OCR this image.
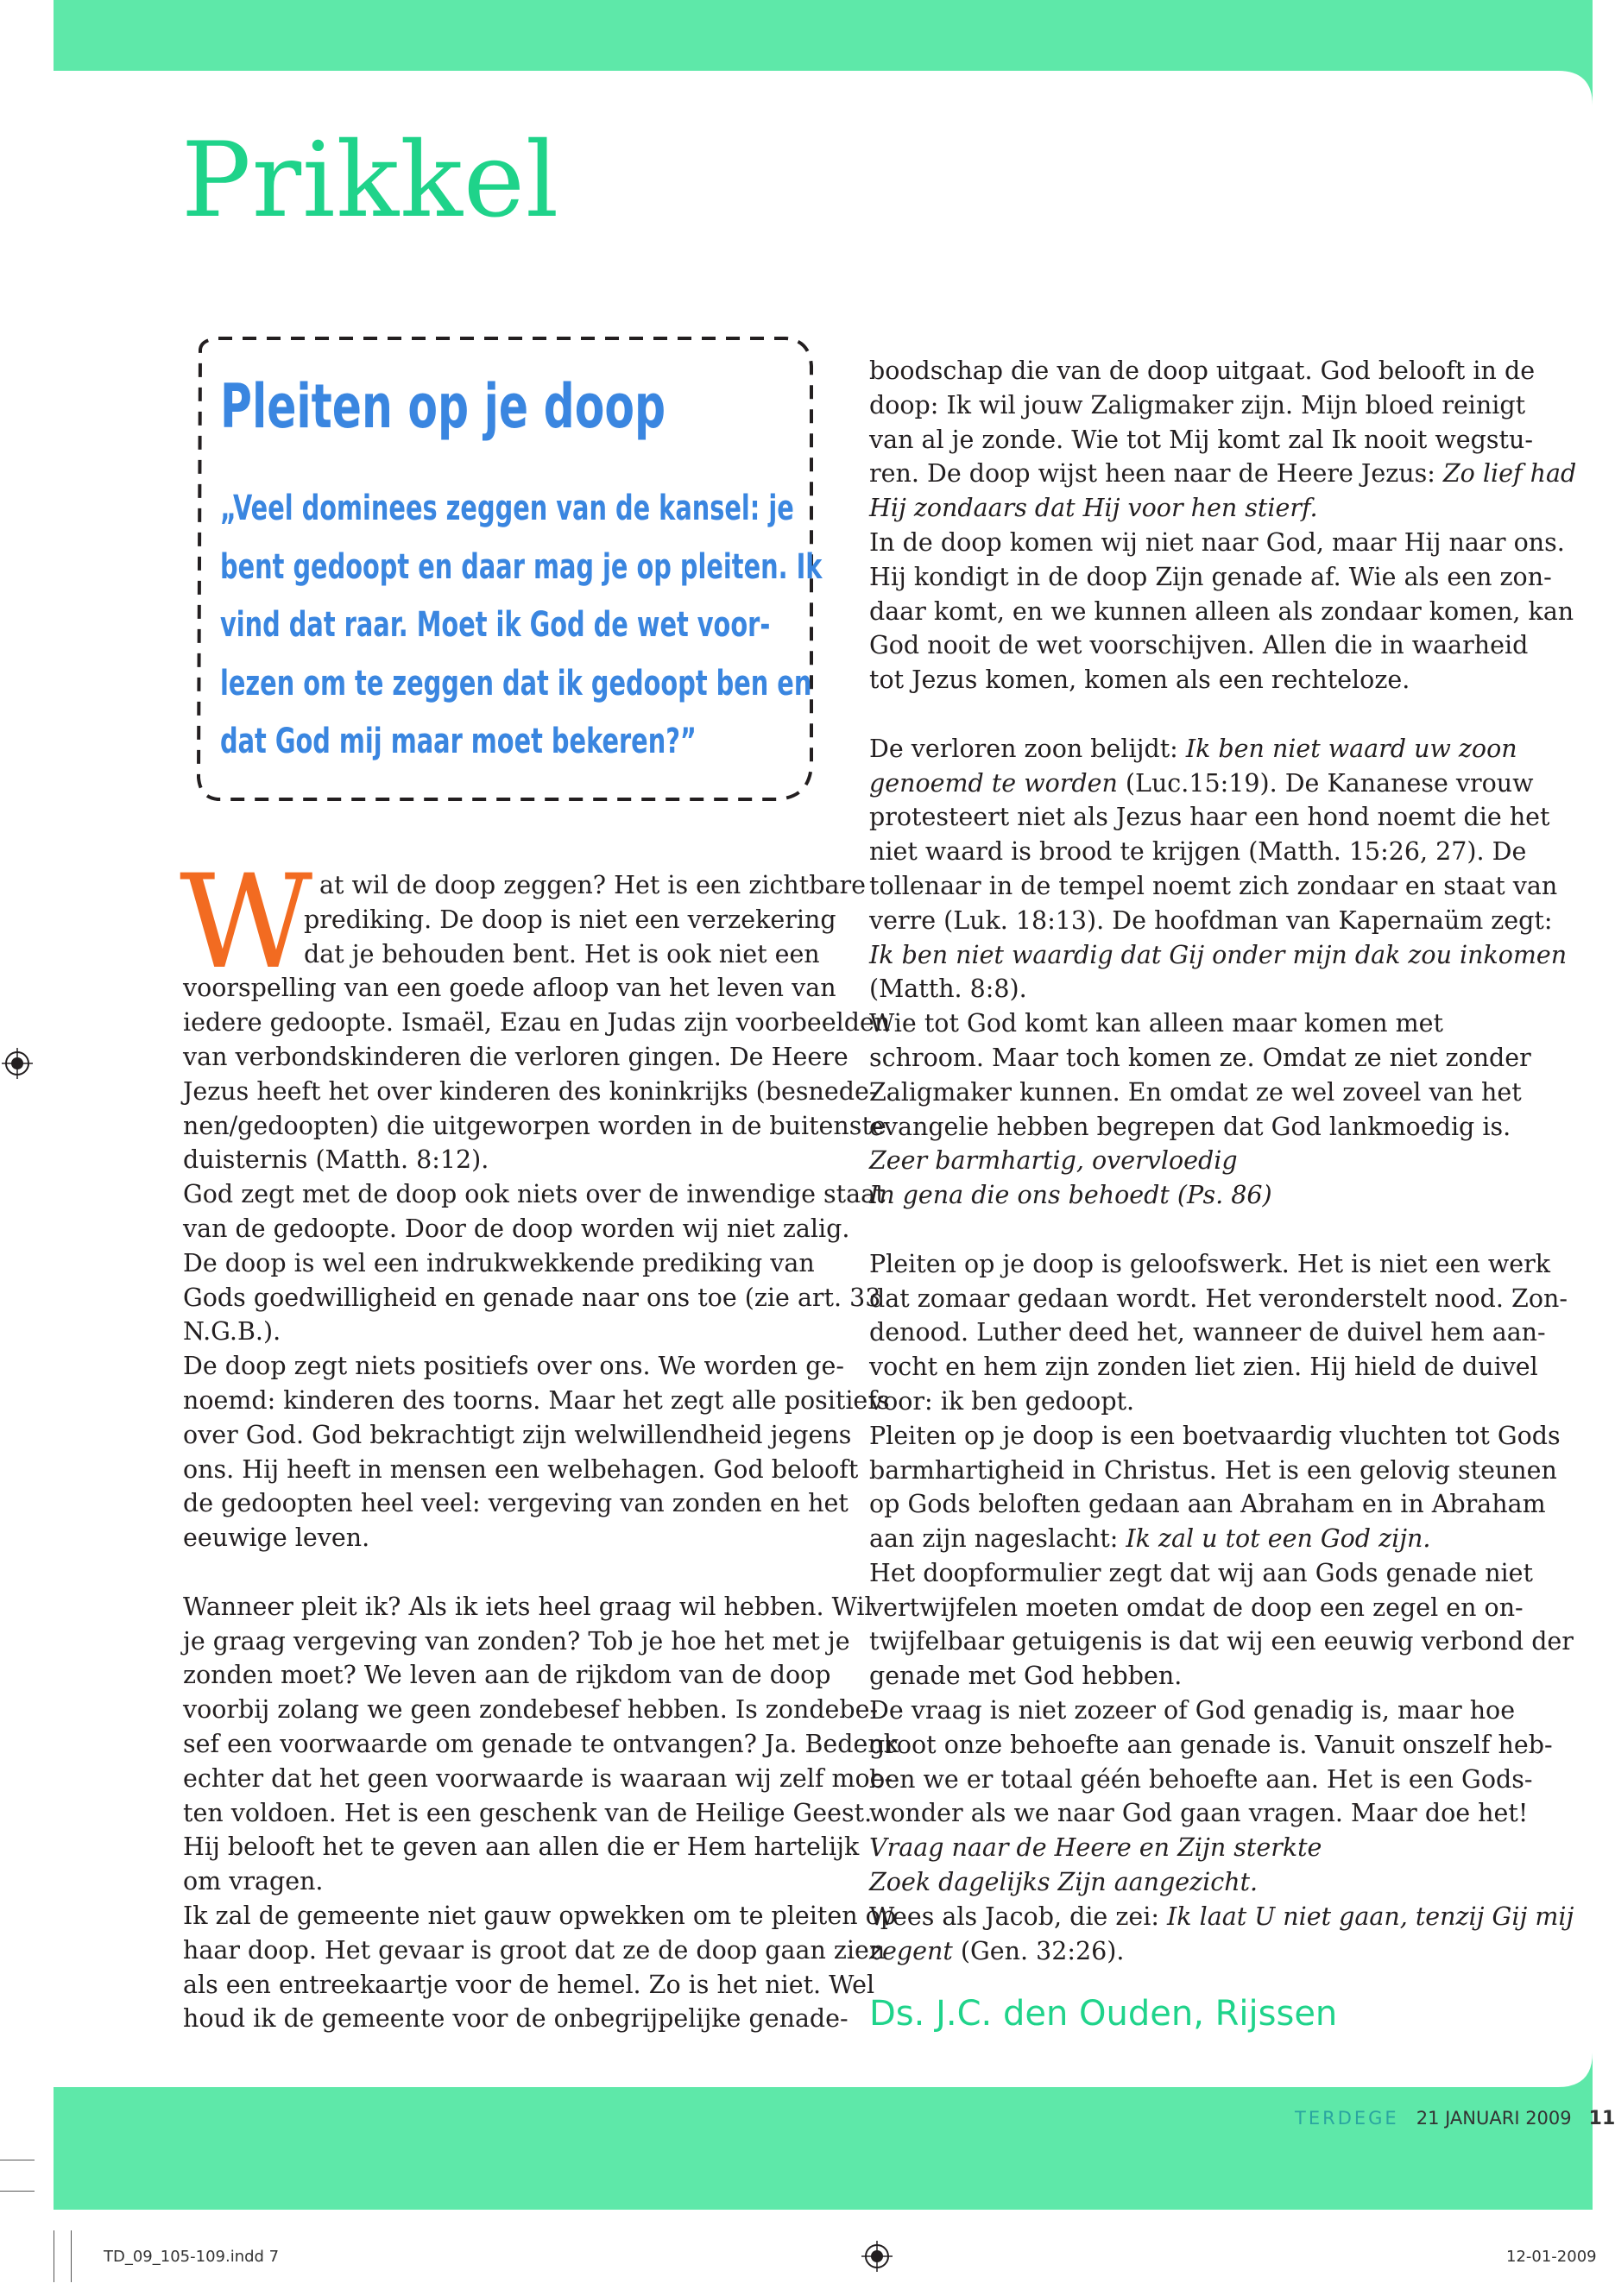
Prikkel
Pleiten op je doop

„Veel dominees zeggen van de kansel: je
bent gedoopt en daar mag je op pleiten. Ik
vind dat raar. Moet ik God de wet voor-
lezen om te zeggen dat ik gedoopt ben en
dat God mij maar moet bekeren?”

W at wil de doop zeggen? Het is een zichtbare
prediking. De doop is niet een verzekering
dat je behouden bent. Het is ook niet een
voorspelling van een goede afloop van het leven van
iedere gedoopte. Ismaël, Ezau en Judas zijn voorbeelden
van verbondskinderen die verloren gingen. De Heere
Jezus heeft het over kinderen des koninkrijks (besnede-
nen/gedoopten) die uitgeworpen worden in de buitenste
duisternis (Matth. 8:12).
God zegt met de doop ook niets over de inwendige staat
van de gedoopte. Door de doop worden wij niet zalig.
De doop is wel een indrukwekkende prediking van
Gods goedwilligheid en genade naar ons toe (zie art. 33
N.G.B.).
De doop zegt niets positiefs over ons. We worden ge-
noemd: kinderen des toorns. Maar het zegt alle positiefs
over God. God bekrachtigt zijn welwillendheid jegens
ons. Hij heeft in mensen een welbehagen. God belooft
de gedoopten heel veel: vergeving van zonden en het
eeuwige leven.
Wanneer pleit ik? Als ik iets heel graag wil hebben. Wil
je graag vergeving van zonden? Tob je hoe het met je
zonden moet? We leven aan de rijkdom van de doop
voorbij zolang we geen zondebesef hebben. Is zondebe-
sef een voorwaarde om genade te ontvangen? Ja. Bedenk
echter dat het geen voorwaarde is waaraan wij zelf moe-
ten voldoen. Het is een geschenk van de Heilige Geest.
Hij belooft het te geven aan allen die er Hem hartelijk
om vragen.
Ik zal de gemeente niet gauw opwekken om te pleiten op
haar doop. Het gevaar is groot dat ze de doop gaan zien
als een entreekaartje voor de hemel. Zo is het niet. Wel
houd ik de gemeente voor de onbegrijpelijke genade-
boodschap die van de doop uitgaat. God belooft in de
doop: Ik wil jouw Zaligmaker zijn. Mijn bloed reinigt
van al je zonde. Wie tot Mij komt zal Ik nooit wegstu-
ren. De doop wijst heen naar de Heere Jezus: Zo lief had
Hij zondaars dat Hij voor hen stierf.
In de doop komen wij niet naar God, maar Hij naar ons.
Hij kondigt in de doop Zijn genade af. Wie als een zon-
daar komt, en we kunnen alleen als zondaar komen, kan
God nooit de wet voorschijven. Allen die in waarheid
tot Jezus komen, komen als een rechteloze.
De verloren zoon belijdt: Ik ben niet waard uw zoon
genoemd te worden (Luc.15:19). De Kananese vrouw
protesteert niet als Jezus haar een hond noemt die het
niet waard is brood te krijgen (Matth. 15:26, 27). De
tollenaar in de tempel noemt zich zondaar en staat van
verre (Luk. 18:13). De hoofdman van Kapernaüm zegt:
Ik ben niet waardig dat Gij onder mijn dak zou inkomen
(Matth. 8:8).
Wie tot God komt kan alleen maar komen met
schroom. Maar toch komen ze. Omdat ze niet zonder
Zaligmaker kunnen. En omdat ze wel zoveel van het
evangelie hebben begrepen dat God lankmoedig is.
Zeer barmhartig, overvloedig
In gena die ons behoedt (Ps. 86)
Pleiten op je doop is geloofswerk. Het is niet een werk
dat zomaar gedaan wordt. Het veronderstelt nood. Zon-
denood. Luther deed het, wanneer de duivel hem aan-
vocht en hem zijn zonden liet zien. Hij hield de duivel
voor: ik ben gedoopt.
Pleiten op je doop is een boetvaardig vluchten tot Gods
barmhartigheid in Christus. Het is een gelovig steunen
op Gods beloften gedaan aan Abraham en in Abraham
aan zijn nageslacht: Ik zal u tot een God zijn.
Het doopformulier zegt dat wij aan Gods genade niet
vertwijfelen moeten omdat de doop een zegel en on-
twijfelbaar getuigenis is dat wij een eeuwig verbond der
genade met God hebben.
De vraag is niet zozeer of God genadig is, maar hoe
groot onze behoefte aan genade is. Vanuit onszelf heb-
ben we er totaal géén behoefte aan. Het is een Gods-
wonder als we naar God gaan vragen. Maar doe het!
Vraag naar de Heere en Zijn sterkte
Zoek dagelijks Zijn aangezicht.
Wees als Jacob, die zei: Ik laat U niet gaan, tenzij Gij mij
zegent (Gen. 32:26).

Ds. J.C. den Ouden, Rijssen

TERDEGE 21 JANUARI 2009 11
TD_09_105-109.indd 7	12-01-2009
